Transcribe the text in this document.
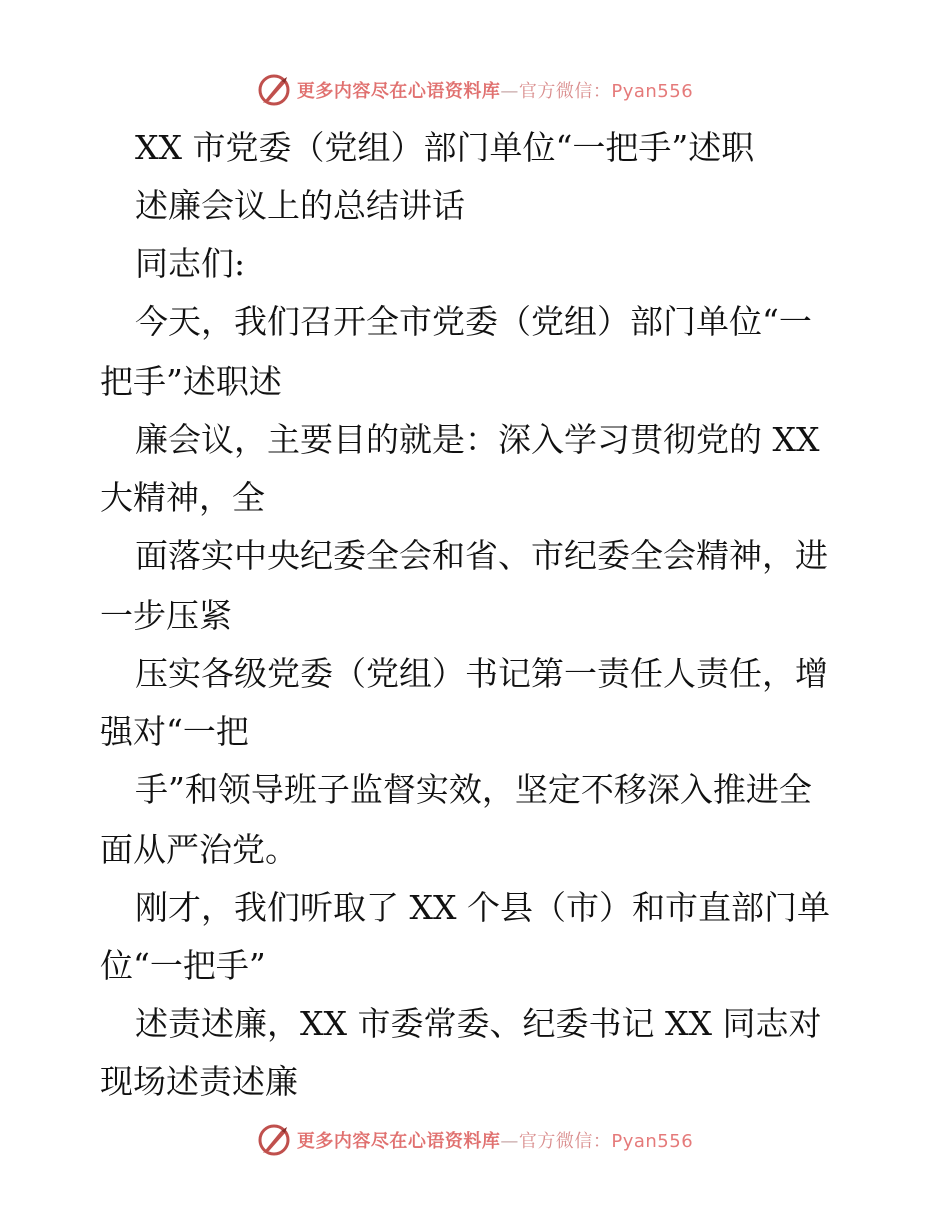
更多内容尽在心语资料库—官方微信：Pyan556
XX 市党委（党组）部门单位“一把手”述职
述廉会议上的总结讲话
同志们:
今天，我们召开全市党委（党组）部门单位“一
把手”述职述
廉会议，主要目的就是：深入学习贯彻党的 XX
大精神，全
面落实中央纪委全会和省、市纪委全会精神，进
一步压紧
压实各级党委（党组）书记第一责任人责任，增
强对“一把
手”和领导班子监督实效，坚定不移深入推进全
面从严治党。
刚才，我们听取了 XX 个县（市）和市直部门单
位“一把手”
述责述廉，XX 市委常委、纪委书记 XX 同志对
现场述责述廉
更多内容尽在心语资料库—官方微信：Pyan556
